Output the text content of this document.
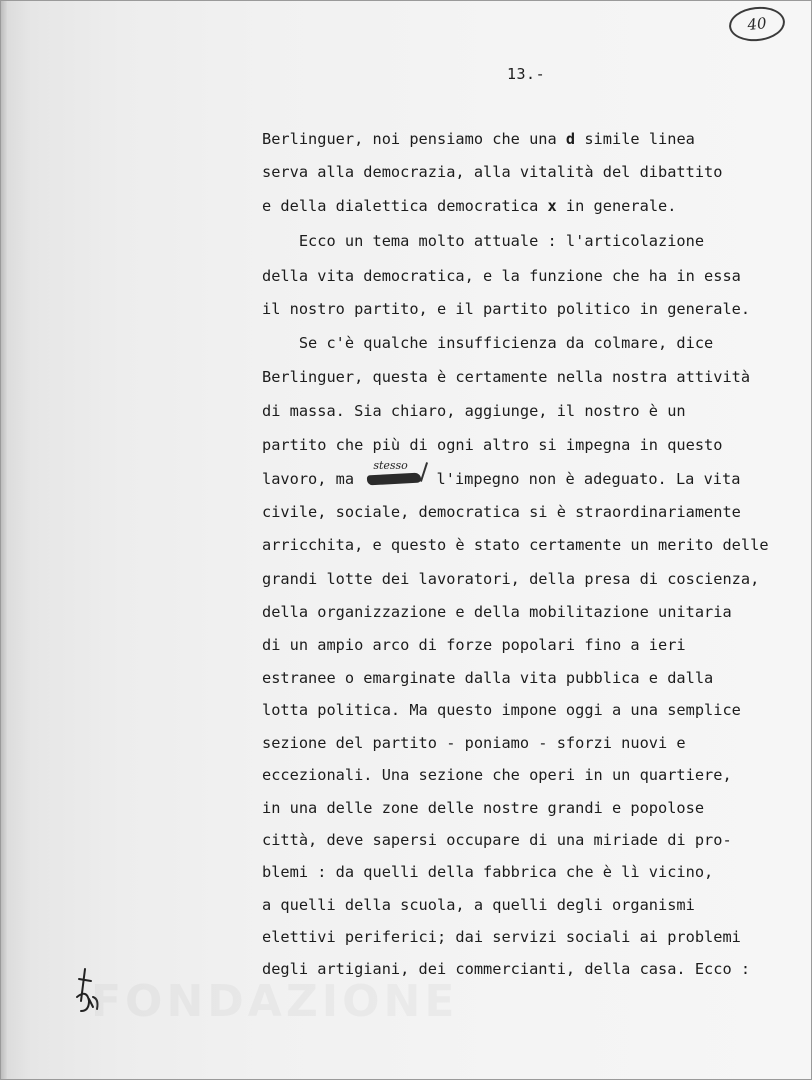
40
13.-
Berlinguer, noi pensiamo che una d simile linea
serva alla democrazia, alla vitalità del dibattito
e della dialettica democratica x in generale.
Ecco un tema molto attuale : l'articolazione
della vita democratica, e la funzione che ha in essa
il nostro partito, e il partito politico in generale.
Se c'è qualche insufficienza da colmare, dice
Berlinguer, questa è certamente nella nostra attività
di massa. Sia chiaro, aggiunge, il nostro è un
partito che più di ogni altro si impegna in questo
lavoro, ma
stesso
l'impegno non è adeguato. La vita
civile, sociale, democratica si è straordinariamente
arricchita, e questo è stato certamente un merito delle
grandi lotte dei lavoratori, della presa di coscienza,
della organizzazione e della mobilitazione unitaria
di un ampio arco di forze popolari fino a ieri
estranee o emarginate dalla vita pubblica e dalla
lotta politica. Ma questo impone oggi a una semplice
sezione del partito - poniamo - sforzi nuovi e
eccezionali. Una sezione che operi in un quartiere,
in una delle zone delle nostre grandi e popolose
città, deve sapersi occupare di una miriade di pro-
blemi : da quelli della fabbrica che è lì vicino,
a quelli della scuola, a quelli degli organismi
elettivi periferici; dai servizi sociali ai problemi
degli artigiani, dei commercianti, della casa. Ecco :
FONDAZIONE
